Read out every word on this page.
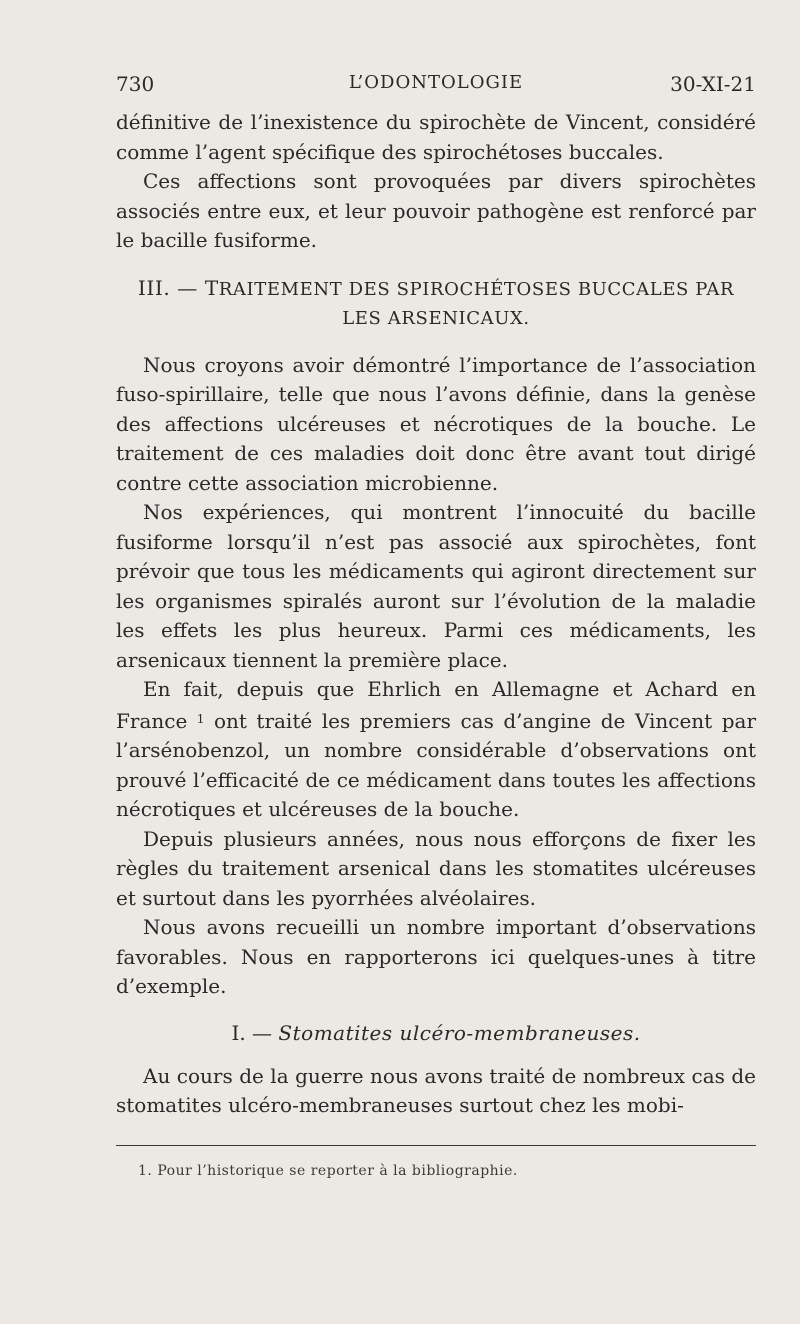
730	L’ODONTOLOGIE	30-XI-21

définitive de l’inexistence du spirochète de Vincent, considéré comme l’agent spécifique des spirochétoses buccales.

Ces affections sont provoquées par divers spirochètes associés entre eux, et leur pouvoir pathogène est renforcé par le bacille fusiforme.

III. — TRAITEMENT DES SPIROCHÉTOSES BUCCALES PAR LES ARSENICAUX.

Nous croyons avoir démontré l’importance de l’association fuso-spirillaire, telle que nous l’avons définie, dans la genèse des affections ulcéreuses et nécrotiques de la bouche. Le traitement de ces maladies doit donc être avant tout dirigé contre cette association microbienne.

Nos expériences, qui montrent l’innocuité du bacille fusiforme lorsqu’il n’est pas associé aux spirochètes, font prévoir que tous les médicaments qui agiront directement sur les organismes spiralés auront sur l’évolution de la maladie les effets les plus heureux. Parmi ces médicaments, les arsenicaux tiennent la première place.

En fait, depuis que Ehrlich en Allemagne et Achard en France $^1$ ont traité les premiers cas d’angine de Vincent par l’arsénobenzol, un nombre considérable d’observations ont prouvé l’efficacité de ce médicament dans toutes les affections nécrotiques et ulcéreuses de la bouche.

Depuis plusieurs années, nous nous efforçons de fixer les règles du traitement arsenical dans les stomatites ulcéreuses et surtout dans les pyorrhées alvéolaires.

Nous avons recueilli un nombre important d’observations favorables. Nous en rapporterons ici quelques-unes à titre d’exemple.

I. — Stomatites ulcéro-membraneuses.

Au cours de la guerre nous avons traité de nombreux cas de stomatites ulcéro-membraneuses surtout chez les mobi-

1. Pour l’historique se reporter à la bibliographie.
